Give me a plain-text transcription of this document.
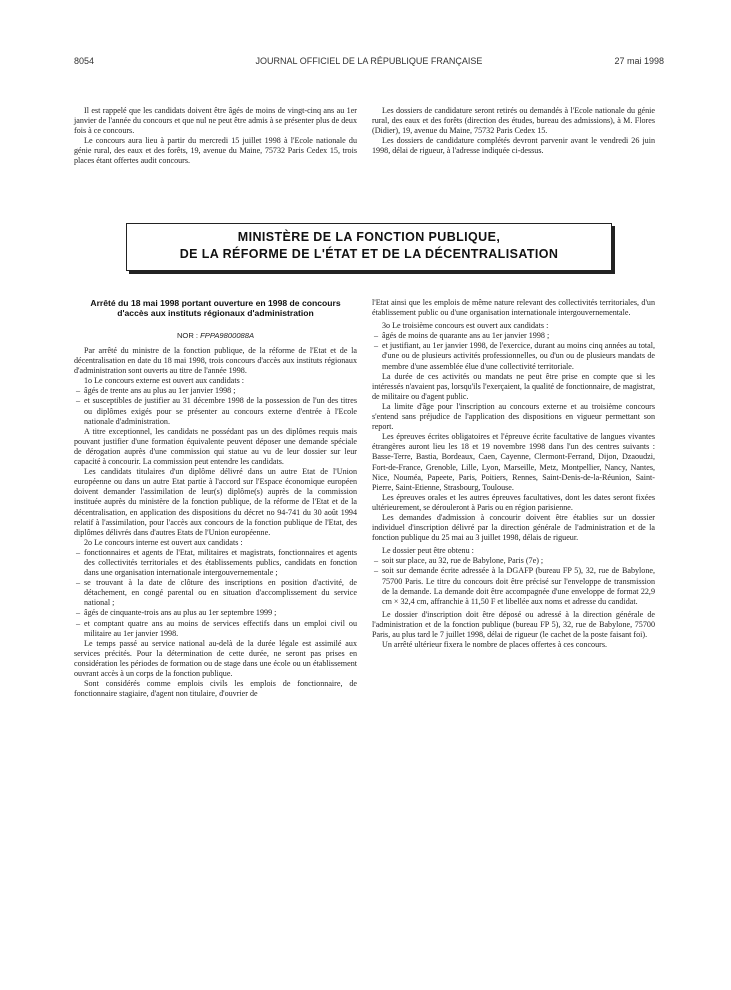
8054	JOURNAL OFFICIEL DE LA RÉPUBLIQUE FRANÇAISE	27 mai 1998

Il est rappelé que les candidats doivent être âgés de moins de vingt-cinq ans au 1er janvier de l'année du concours et que nul ne peut être admis à se présenter plus de deux fois à ce concours.

Le concours aura lieu à partir du mercredi 15 juillet 1998 à l'Ecole nationale du génie rural, des eaux et des forêts, 19, avenue du Maine, 75732 Paris Cedex 15, trois places étant offertes audit concours.

Les dossiers de candidature seront retirés ou demandés à l'Ecole nationale du génie rural, des eaux et des forêts (direction des études, bureau des admissions), à M. Flores (Didier), 19, avenue du Maine, 75732 Paris Cedex 15.

Les dossiers de candidature complétés devront parvenir avant le vendredi 26 juin 1998, délai de rigueur, à l'adresse indiquée ci-dessus.

MINISTÈRE DE LA FONCTION PUBLIQUE,
DE LA RÉFORME DE L'ÉTAT ET DE LA DÉCENTRALISATION
Arrêté du 18 mai 1998 portant ouverture en 1998 de concours d'accès aux instituts régionaux d'administration
NOR : FPPA9800088A

Par arrêté du ministre de la fonction publique, de la réforme de l'Etat et de la décentralisation en date du 18 mai 1998, trois concours d'accès aux instituts régionaux d'administration sont ouverts au titre de l'année 1998.

1o Le concours externe est ouvert aux candidats :

– âgés de trente ans au plus au 1er janvier 1998 ;

– et susceptibles de justifier au 31 décembre 1998 de la possession de l'un des titres ou diplômes exigés pour se présenter au concours externe d'entrée à l'Ecole nationale d'administration.

A titre exceptionnel, les candidats ne possédant pas un des diplômes requis mais pouvant justifier d'une formation équivalente peuvent déposer une demande spéciale de dérogation auprès d'une commission qui statue au vu de leur dossier sur leur capacité à concourir. La commission peut entendre les candidats.

Les candidats titulaires d'un diplôme délivré dans un autre Etat de l'Union européenne ou dans un autre Etat partie à l'accord sur l'Espace économique européen doivent demander l'assimilation de leur(s) diplôme(s) auprès de la commission instituée auprès du ministère de la fonction publique, de la réforme de l'Etat et de la décentralisation, en application des dispositions du décret no 94-741 du 30 août 1994 relatif à l'assimilation, pour l'accès aux concours de la fonction publique de l'Etat, des diplômes délivrés dans d'autres Etats de l'Union européenne.

2o Le concours interne est ouvert aux candidats :

– fonctionnaires et agents de l'Etat, militaires et magistrats, fonctionnaires et agents des collectivités territoriales et des établissements publics, candidats en fonction dans une organisation internationale intergouvernementale ;

– se trouvant à la date de clôture des inscriptions en position d'activité, de détachement, en congé parental ou en situation d'accomplissement du service national ;

– âgés de cinquante-trois ans au plus au 1er septembre 1999 ;

– et comptant quatre ans au moins de services effectifs dans un emploi civil ou militaire au 1er janvier 1998.

Le temps passé au service national au-delà de la durée légale est assimilé aux services précités. Pour la détermination de cette durée, ne seront pas prises en considération les périodes de formation ou de stage dans une école ou un établissement ouvrant accès à un corps de la fonction publique.

Sont considérés comme emplois civils les emplois de fonctionnaire, de fonctionnaire stagiaire, d'agent non titulaire, d'ouvrier de

l'Etat ainsi que les emplois de même nature relevant des collectivités territoriales, d'un établissement public ou d'une organisation internationale intergouvernementale.

3o Le troisième concours est ouvert aux candidats :

– âgés de moins de quarante ans au 1er janvier 1998 ;

– et justifiant, au 1er janvier 1998, de l'exercice, durant au moins cinq années au total, d'une ou de plusieurs activités professionnelles, ou d'un ou de plusieurs mandats de membre d'une assemblée élue d'une collectivité territoriale.

La durée de ces activités ou mandats ne peut être prise en compte que si les intéressés n'avaient pas, lorsqu'ils l'exerçaient, la qualité de fonctionnaire, de magistrat, de militaire ou d'agent public.

La limite d'âge pour l'inscription au concours externe et au troisième concours s'entend sans préjudice de l'application des dispositions en vigueur permettant son report.

Les épreuves écrites obligatoires et l'épreuve écrite facultative de langues vivantes étrangères auront lieu les 18 et 19 novembre 1998 dans l'un des centres suivants : Basse-Terre, Bastia, Bordeaux, Caen, Cayenne, Clermont-Ferrand, Dijon, Dzaoudzi, Fort-de-France, Grenoble, Lille, Lyon, Marseille, Metz, Montpellier, Nancy, Nantes, Nice, Nouméa, Papeete, Paris, Poitiers, Rennes, Saint-Denis-de-la-Réunion, Saint-Pierre, Saint-Etienne, Strasbourg, Toulouse.

Les épreuves orales et les autres épreuves facultatives, dont les dates seront fixées ultérieurement, se dérouleront à Paris ou en région parisienne.

Les demandes d'admission à concourir doivent être établies sur un dossier individuel d'inscription délivré par la direction générale de l'administration et de la fonction publique du 25 mai au 3 juillet 1998, délais de rigueur.

Le dossier peut être obtenu :

– soit sur place, au 32, rue de Babylone, Paris (7e) ;

– soit sur demande écrite adressée à la DGAFP (bureau FP 5), 32, rue de Babylone, 75700 Paris. Le titre du concours doit être précisé sur l'enveloppe de transmission de la demande. La demande doit être accompagnée d'une enveloppe de format 22,9 cm × 32,4 cm, affranchie à 11,50 F et libellée aux noms et adresse du candidat.

Le dossier d'inscription doit être déposé ou adressé à la direction générale de l'administration et de la fonction publique (bureau FP 5), 32, rue de Babylone, 75700 Paris, au plus tard le 7 juillet 1998, délai de rigueur (le cachet de la poste faisant foi).

Un arrêté ultérieur fixera le nombre de places offertes à ces concours.
